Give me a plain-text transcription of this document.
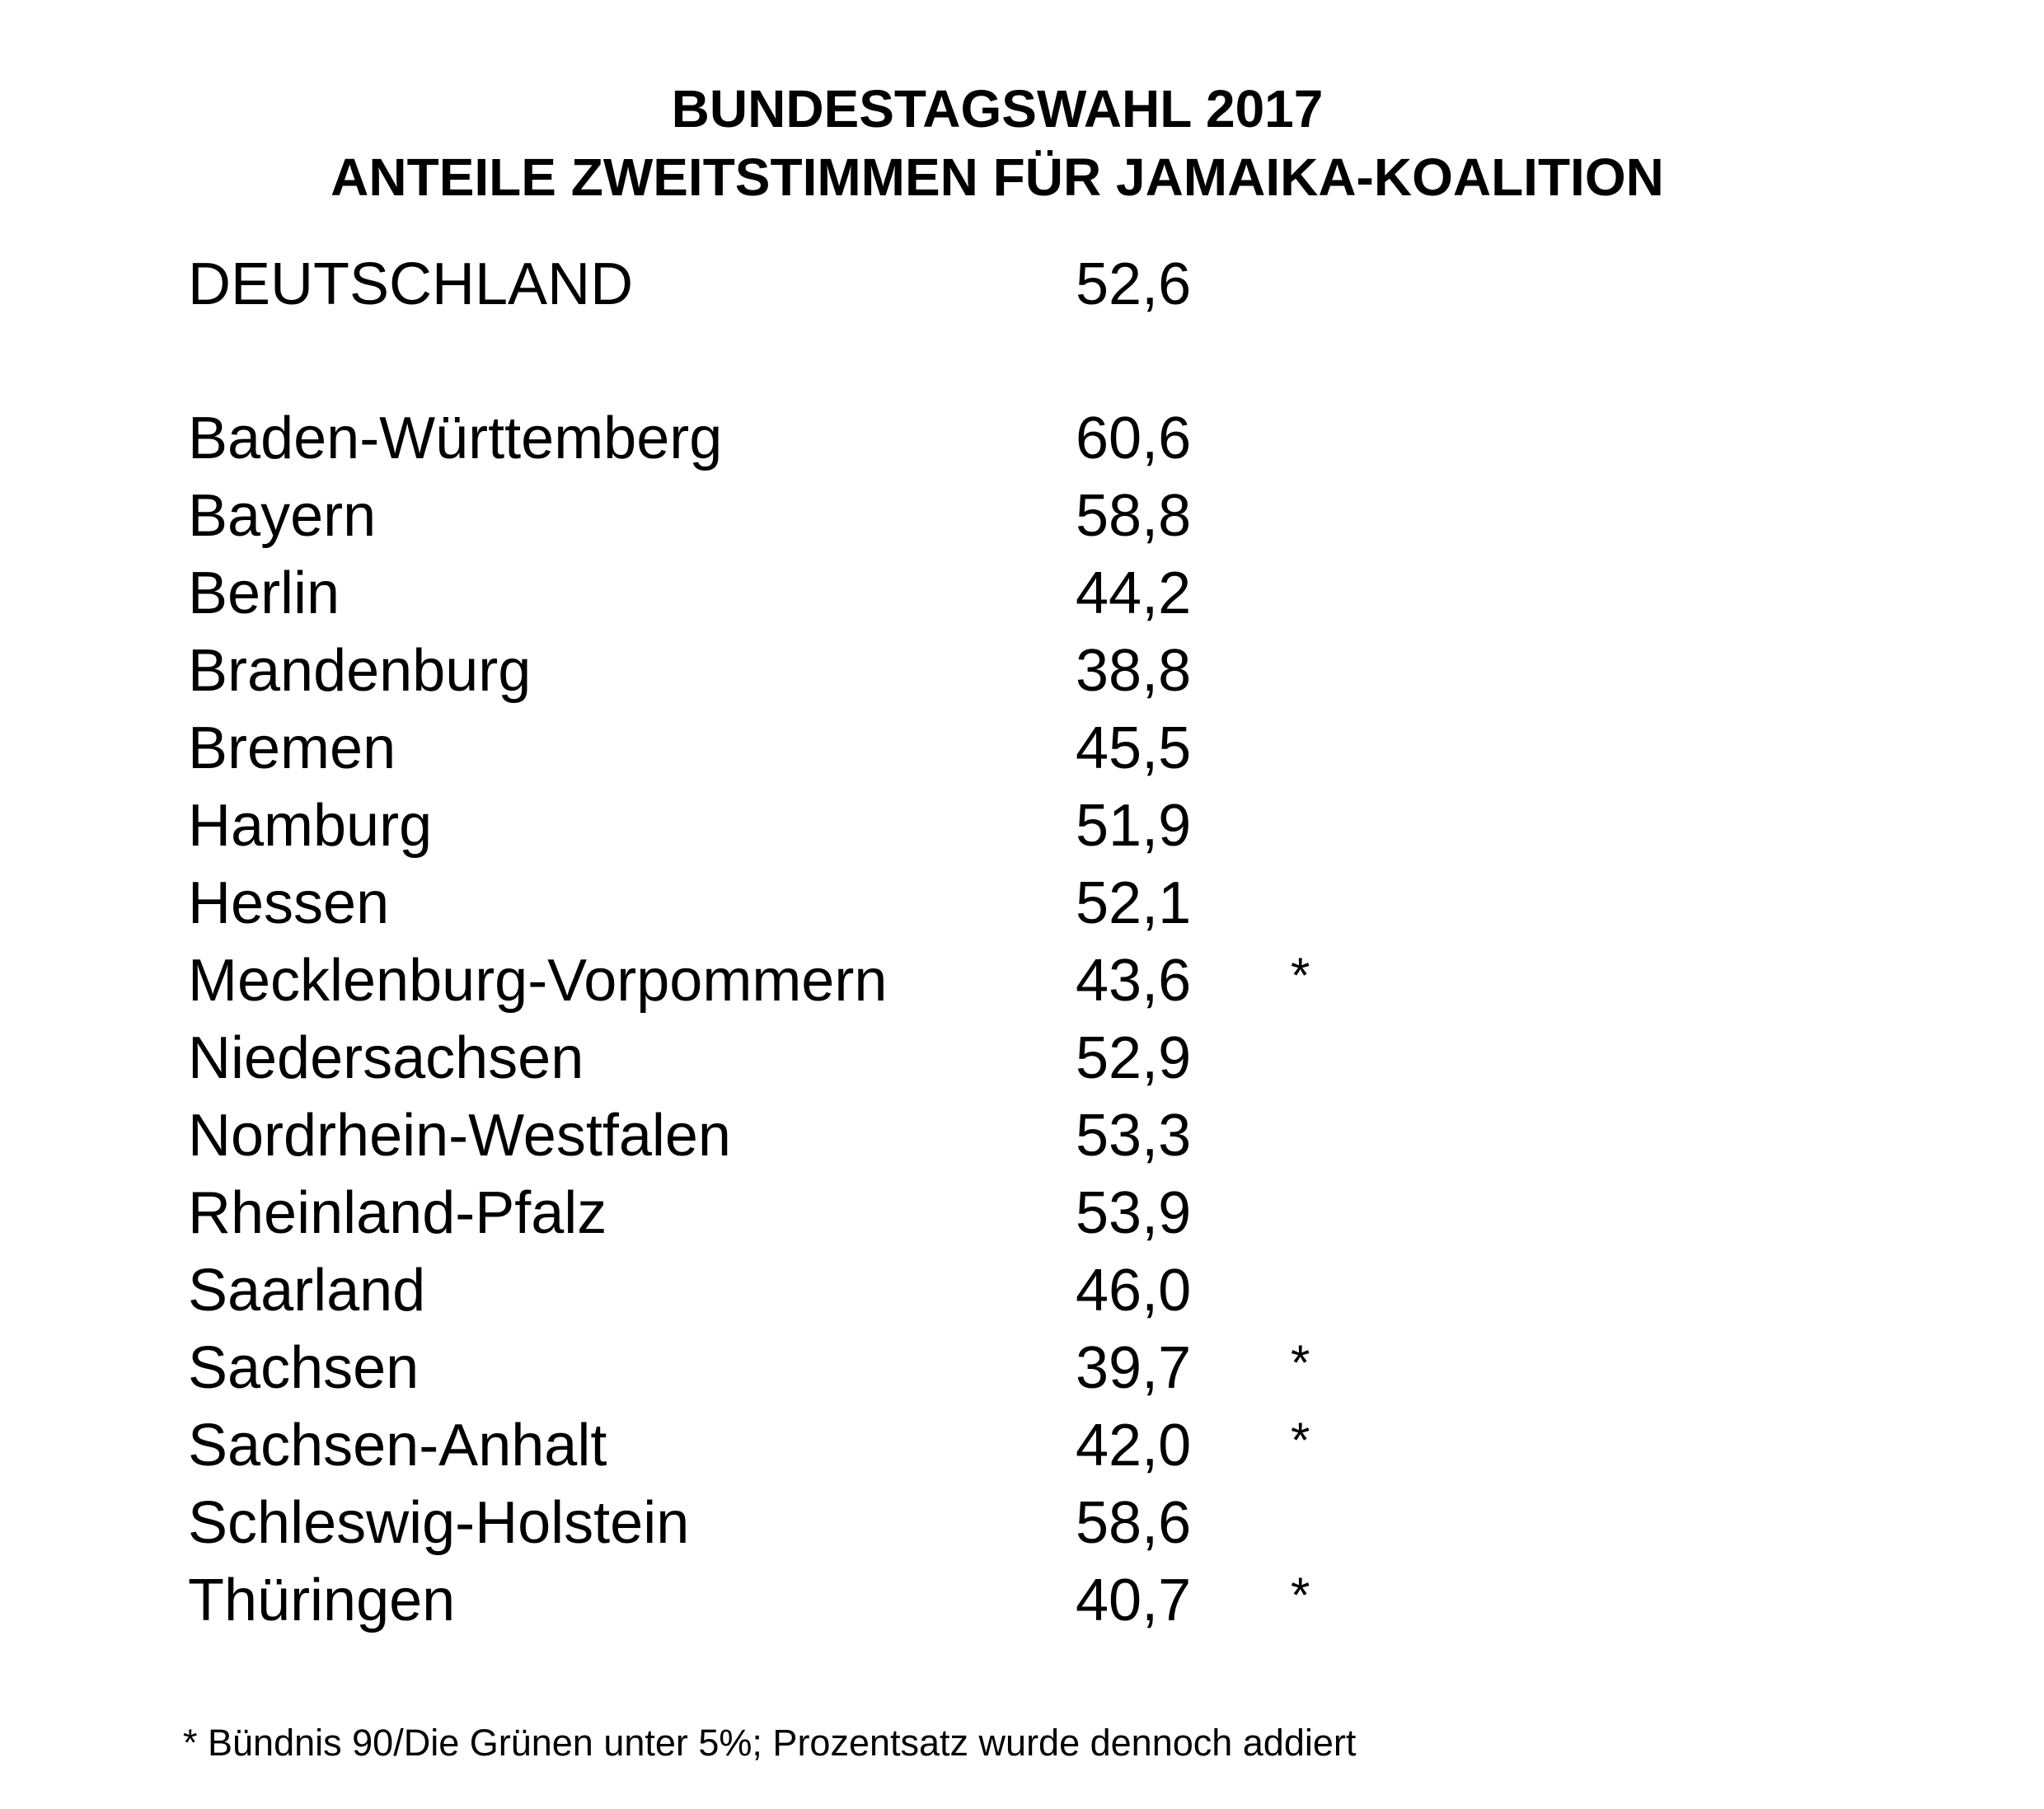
BUNDESTAGSWAHL 2017
ANTEILE ZWEITSTIMMEN FÜR JAMAIKA-KOALITION
DEUTSCHLAND	52,6
Baden-Württemberg	60,6
Bayern	58,8
Berlin	44,2
Brandenburg	38,8
Bremen	45,5
Hamburg	51,9
Hessen	52,1
Mecklenburg-Vorpommern	43,6 *
Niedersachsen	52,9
Nordrhein-Westfalen	53,3
Rheinland-Pfalz	53,9
Saarland	46,0
Sachsen	39,7 *
Sachsen-Anhalt	42,0 *
Schleswig-Holstein	58,6
Thüringen	40,7 *

* Bündnis 90/Die Grünen unter 5%; Prozentsatz wurde dennoch addiert
